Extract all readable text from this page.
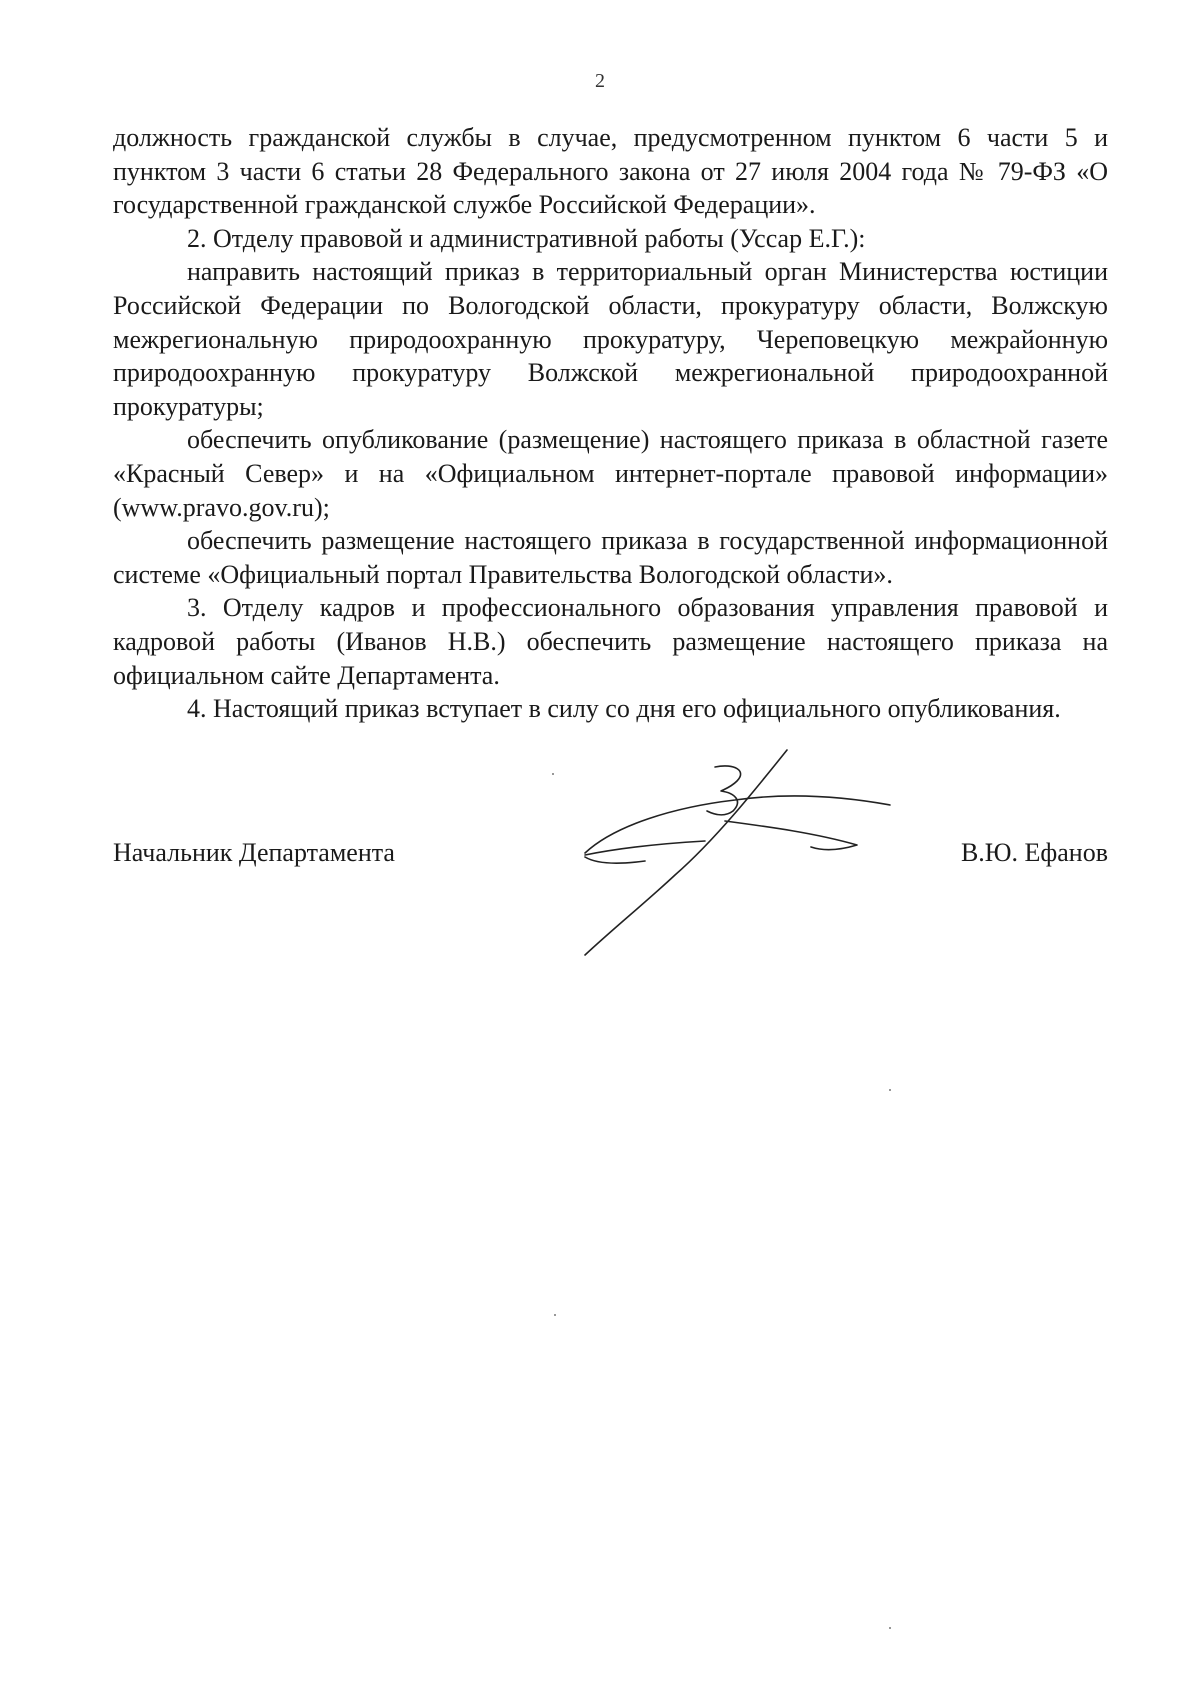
2

должность гражданской службы в случае, предусмотренном пунктом 6 части 5 и пунктом 3 части 6 статьи 28 Федерального закона от 27 июля 2004 года № 79-ФЗ «О государственной гражданской службе Российской Федерации».

2. Отделу правовой и административной работы (Уссар Е.Г.):

направить настоящий приказ в территориальный орган Министерства юстиции Российской Федерации по Вологодской области, прокуратуру области, Волжскую межрегиональную природоохранную прокуратуру, Череповецкую межрайонную природоохранную прокуратуру Волжской межрегиональной природоохранной прокуратуры;

обеспечить опубликование (размещение) настоящего приказа в областной газете «Красный Север» и на «Официальном интернет-портале правовой информации» (www.pravo.gov.ru);

обеспечить размещение настоящего приказа в государственной информационной системе «Официальный портал Правительства Вологодской области».

3. Отделу кадров и профессионального образования управления правовой и кадровой работы (Иванов Н.В.) обеспечить размещение настоящего приказа на официальном сайте Департамента.

4. Настоящий приказ вступает в силу со дня его официального опубликования.

Начальник Департамента	В.Ю. Ефанов
